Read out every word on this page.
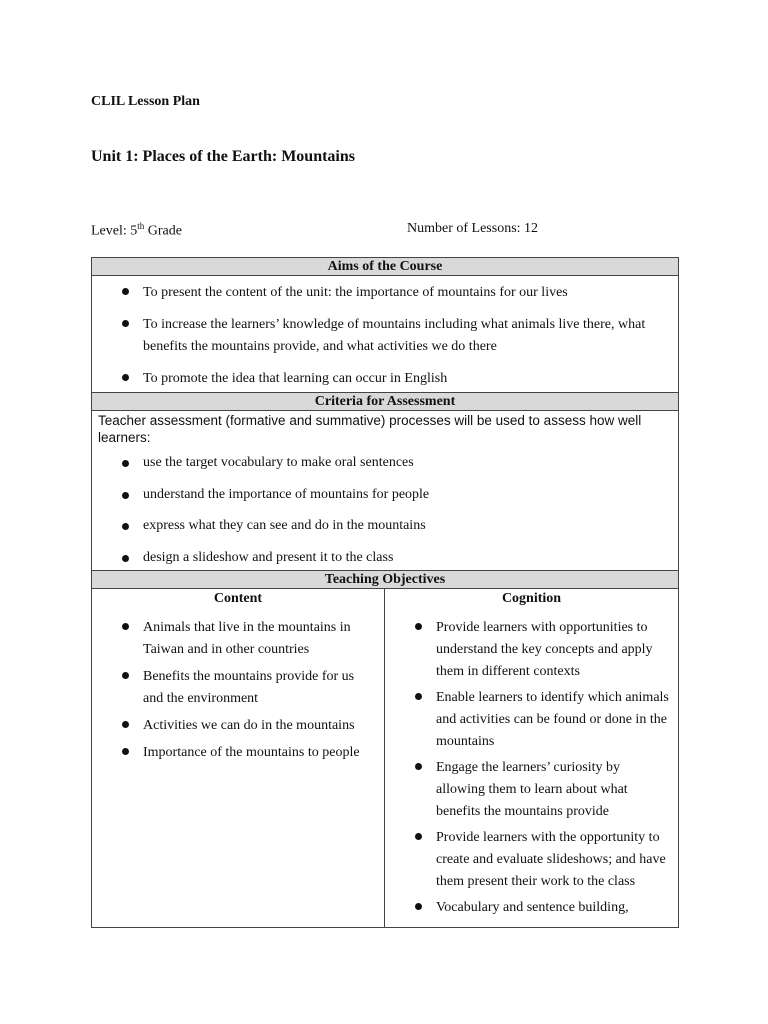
CLIL Lesson Plan
Unit 1: Places of the Earth: Mountains
Level: 5th Grade	Number of Lessons: 12
Aims of the Course

To present the content of the unit: the importance of mountains for our lives
To increase the learners’ knowledge of mountains including what animals live there, what benefits the mountains provide, and what activities we do there
To promote the idea that learning can occur in English

Criteria for Assessment

Teacher assessment (formative and summative) processes will be used to assess how well learners:
use the target vocabulary to make oral sentences
understand the importance of mountains for people
express what they can see and do in the mountains
design a slideshow and present it to the class

Teaching Objectives

Content
Animals that live in the mountains in Taiwan and in other countries
Benefits the mountains provide for us and the environment
Activities we can do in the mountains
Importance of the mountains to people

Cognition
Provide learners with opportunities to understand the key concepts and apply them in different contexts
Enable learners to identify which animals and activities can be found or done in the mountains
Engage the learners’ curiosity by allowing them to learn about what benefits the mountains provide
Provide learners with the opportunity to create and evaluate slideshows; and have them present their work to the class
Vocabulary and sentence building,
